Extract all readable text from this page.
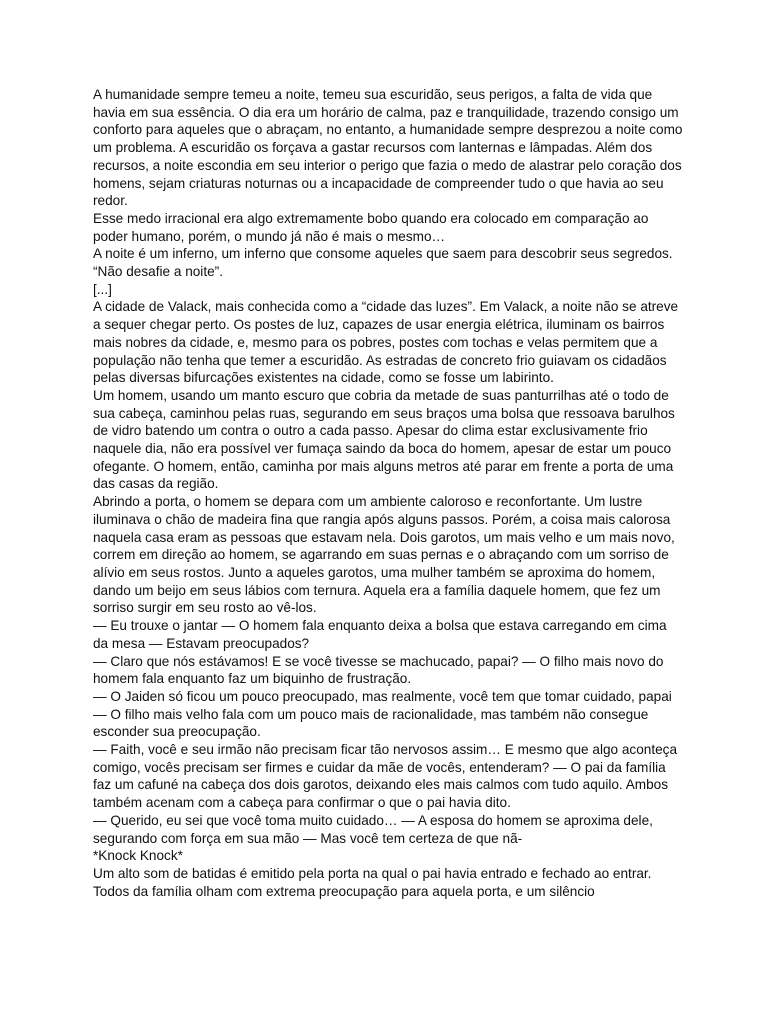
A humanidade sempre temeu a noite, temeu sua escuridão, seus perigos, a falta de vida que havia em sua essência. O dia era um horário de calma, paz e tranquilidade, trazendo consigo um conforto para aqueles que o abraçam, no entanto, a humanidade sempre desprezou a noite como um problema. A escuridão os forçava a gastar recursos com lanternas e lâmpadas. Além dos recursos, a noite escondia em seu interior o perigo que fazia o medo de alastrar pelo coração dos homens, sejam criaturas noturnas ou a incapacidade de compreender tudo o que havia ao seu redor.

Esse medo irracional era algo extremamente bobo quando era colocado em comparação ao poder humano, porém, o mundo já não é mais o mesmo…

A noite é um inferno, um inferno que consome aqueles que saem para descobrir seus segredos.

“Não desafie a noite”.

[...]

A cidade de Valack, mais conhecida como a “cidade das luzes”. Em Valack, a noite não se atreve a sequer chegar perto. Os postes de luz, capazes de usar energia elétrica, iluminam os bairros mais nobres da cidade, e, mesmo para os pobres, postes com tochas e velas permitem que a população não tenha que temer a escuridão. As estradas de concreto frio guiavam os cidadãos pelas diversas bifurcações existentes na cidade, como se fosse um labirinto.

Um homem, usando um manto escuro que cobria da metade de suas panturrilhas até o todo de sua cabeça, caminhou pelas ruas, segurando em seus braços uma bolsa que ressoava barulhos de vidro batendo um contra o outro a cada passo. Apesar do clima estar exclusivamente frio naquele dia, não era possível ver fumaça saindo da boca do homem, apesar de estar um pouco ofegante. O homem, então, caminha por mais alguns metros até parar em frente a porta de uma das casas da região.

Abrindo a porta, o homem se depara com um ambiente caloroso e reconfortante. Um lustre iluminava o chão de madeira fina que rangia após alguns passos. Porém, a coisa mais calorosa naquela casa eram as pessoas que estavam nela. Dois garotos, um mais velho e um mais novo, correm em direção ao homem, se agarrando em suas pernas e o abraçando com um sorriso de alívio em seus rostos. Junto a aqueles garotos, uma mulher também se aproxima do homem, dando um beijo em seus lábios com ternura. Aquela era a família daquele homem, que fez um sorriso surgir em seu rosto ao vê-los.

— Eu trouxe o jantar — O homem fala enquanto deixa a bolsa que estava carregando em cima da mesa — Estavam preocupados?

— Claro que nós estávamos! E se você tivesse se machucado, papai? — O filho mais novo do homem fala enquanto faz um biquinho de frustração.

— O Jaiden só ficou um pouco preocupado, mas realmente, você tem que tomar cuidado, papai — O filho mais velho fala com um pouco mais de racionalidade, mas também não consegue esconder sua preocupação.

— Faith, você e seu irmão não precisam ficar tão nervosos assim… E mesmo que algo aconteça comigo, vocês precisam ser firmes e cuidar da mãe de vocês, entenderam? — O pai da família faz um cafuné na cabeça dos dois garotos, deixando eles mais calmos com tudo aquilo. Ambos também acenam com a cabeça para confirmar o que o pai havia dito.

— Querido, eu sei que você toma muito cuidado… — A esposa do homem se aproxima dele, segurando com força em sua mão — Mas você tem certeza de que nã-

*Knock Knock*

Um alto som de batidas é emitido pela porta na qual o pai havia entrado e fechado ao entrar. Todos da família olham com extrema preocupação para aquela porta, e um silêncio
